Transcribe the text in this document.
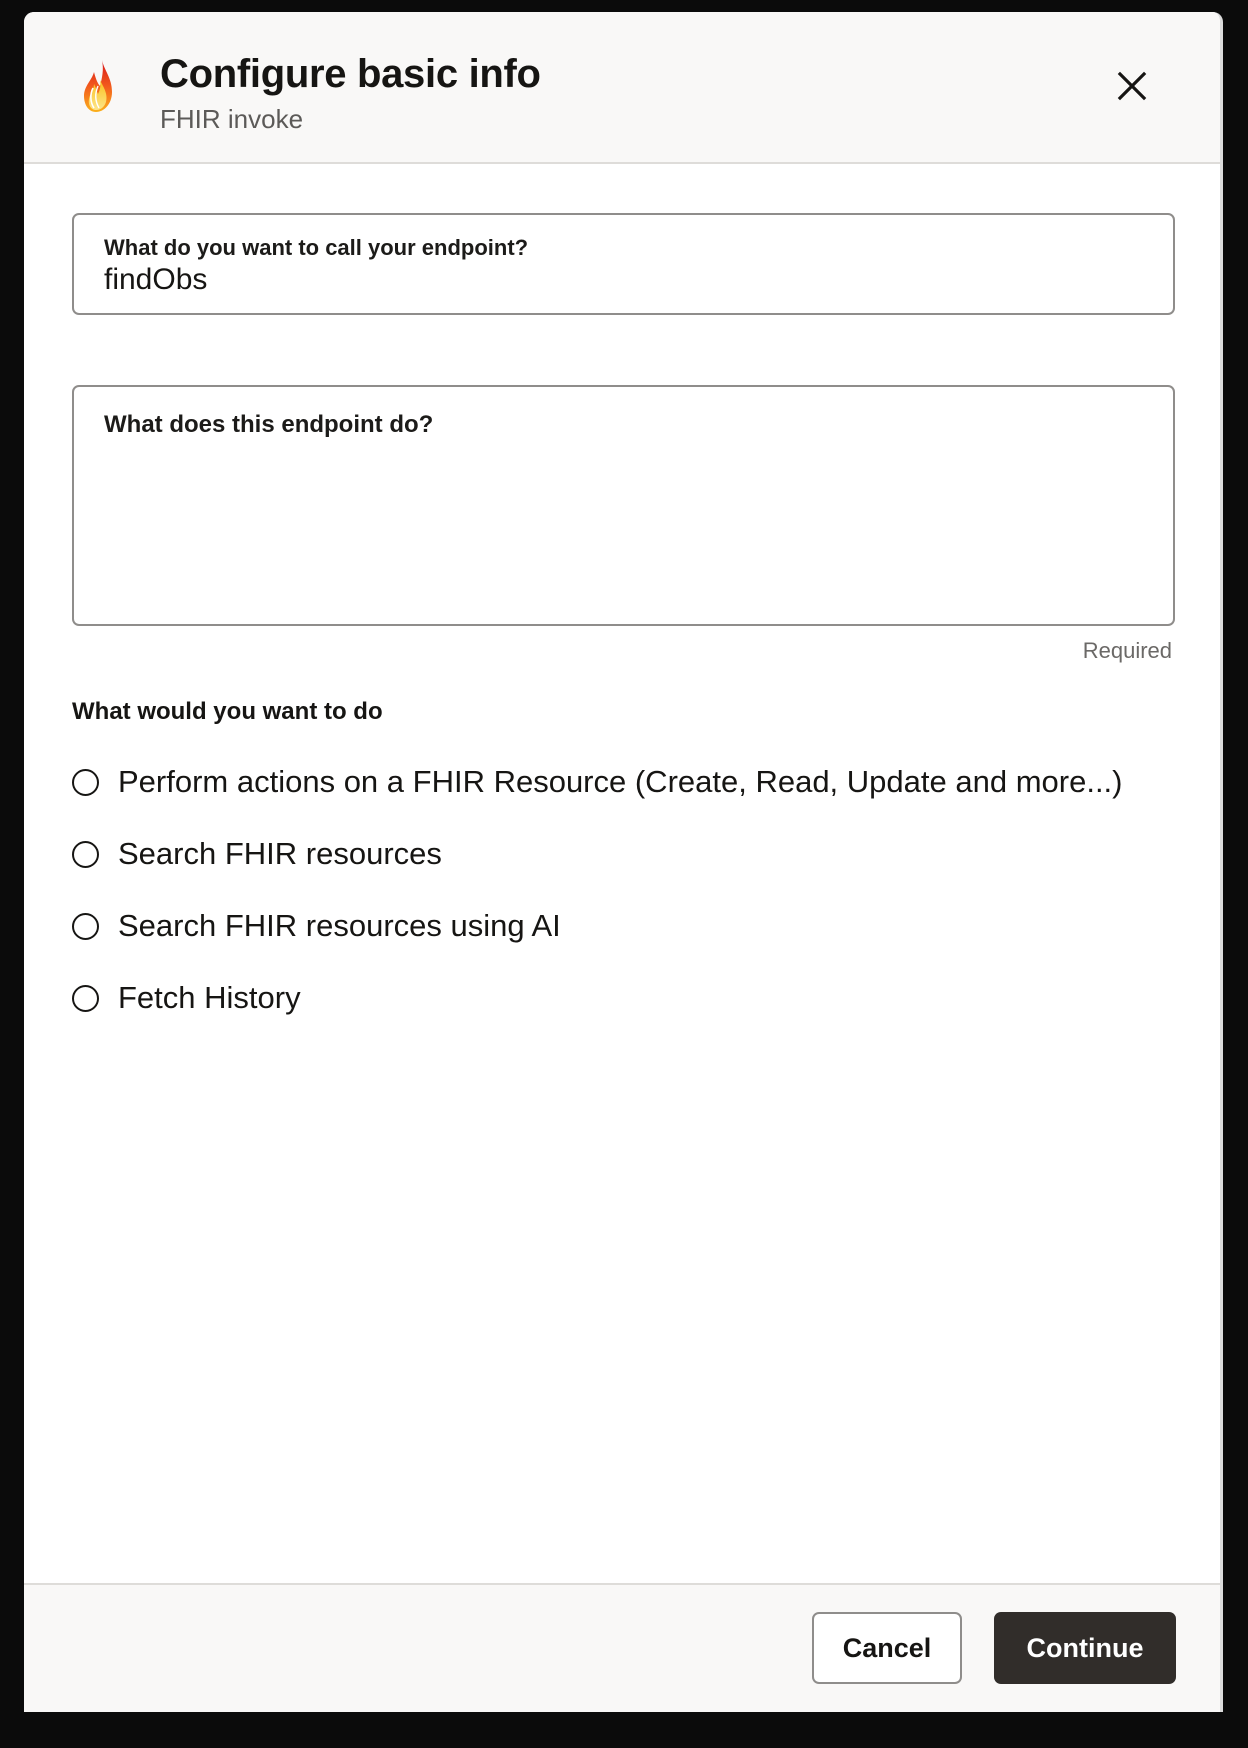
Configure basic info
FHIR invoke
What do you want to call your endpoint?
findObs
What does this endpoint do?
Required
What would you want to do
Perform actions on a FHIR Resource (Create, Read, Update and more...)
Search FHIR resources
Search FHIR resources using AI
Fetch History
Cancel	Continue
